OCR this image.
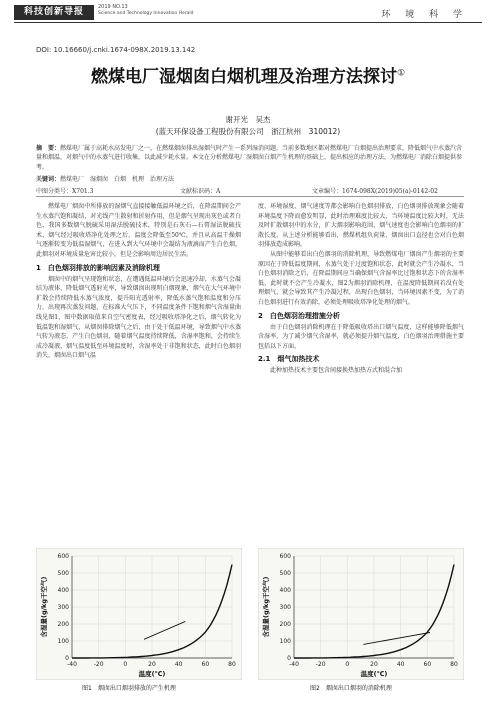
科技创新导报	2019 NO.13
Science and Technology Innovation Herald	环 境 科 学
DOI: 10.16660/j.cnki.1674-098X.2019.13.142
燃煤电厂湿烟囱白烟机理及治理方法探讨①
谢开光　吴杰
(蓝天环保设备工程股份有限公司　浙江杭州　310012)
摘　要：燃煤电厂属于高耗水高发电厂之一，在燃煤烟囱排出湿烟气时产生一系列湿消问题，当前多数地区都对燃煤电厂白烟提出治理要求，降低烟气中水蒸汽含量和烟温，对烟气中的水蒸气进行收集，以此减少耗水量。本文在分析燃煤电厂湿烟囱白烟产生机理的基础上，提出相应的治理方法，为燃煤电厂消除白烟提供参考。
关键词：燃煤电厂　湿烟囱　白烟　机理　治理方法
中图分类号：X701.3	文献标识码：A	文章编号：1674-098X(2019)05(a)-0142-02

燃煤电厂烟囱中所排放的湿烟气直接接触低温环境之后，在降温期间会产生水蒸汽饱和凝结，对光线产生散射和折射作用，但是烟气呈现出灰色或者白色，我国多数烟气脱硫采用湿法脱硫技术，特别是石灰石—石膏湿法脱硫技术，烟气经过吸收塔净化处理之后，温度会降低至50℃，并且从高温干燥烟气逐渐转变为低温湿烟气，在进入到大气环境中会凝结为液滴而产生白色烟，此烟羽对环境质量危害比较小，但是会影响周边居民生活。

1　白色烟羽排放的影响因素及消除机理

烟囱中的烟气呈现饱和状态，在遭遇低温环境后会迅速冷却，水蒸气会凝结为液体，降低烟气透射光率，导致烟囱出现明白烟现象，烟气在大气环境中扩散会持续降低水蒸气浓度，提升阳光透射率，降低水蒸气饱和温度和分压力，出现再次蒸发问题，在标准大气压下，不同温度条件下饱和烟气含湿量曲线见图1，图中数据取值来自空气密度表，经过吸收塔净化之后，烟气转化为低温饱和湿烟气，从烟囱排除烟气之后，由于处于低温环境，导致烟气中水蒸气转为液态，产生白色烟羽，随着烟气温度持续降低，含湿率饱和，会持续生成冷凝液，烟气温度低至环境温度时，含湿率处于非饱和状态，此时白色烟羽消失，烟囱出口烟气温

度、环境湿度、烟气速度等都会影响白色烟羽排放，白色烟羽排放现象会随着环境温度下降而愈发明显，此时治理难度比较大，当环境温度比较大时，无法及时扩散烟羽中的水分，扩大烟羽影响范围，烟气速度也会影响白色烟羽的扩散长度，从上述分析能够看出，燃煤机组负荷量、烟囱出口直径也会对白色烟羽排放造成影响。

从图中能够看出白色烟羽的消除机理，导致燃煤电厂烟囱产生烟羽的主要原因在于降低温度期间，水蒸气处于过度饱和状态，此时就会产生冷凝水，当白色烟羽消除之后，在降温期间应当确保烟气含湿率比过饱和状态下的含湿率低，此时就不会产生冷凝水，图2为烟羽消除机理，在温度降低期间若没有处理烟气，就会导致其产生冷凝过程，出现白色烟羽，当环境因素不变，为了消白色烟羽进行有效消除，必须处理吸收塔净化处理的烟气。

2　白色烟羽治理措施分析

由于白色烟羽消除机理在于降低吸收塔出口烟气温度，这样能够降低烟气含湿率，为了减少烟气含湿率，就必须提升烟气温度，白色烟羽治理措施主要包括以下方面。

2.1　烟气加热技术

此种加热技术主要包含间接换热加热方式和混合加

0
100
200
300
400
500
600
-40	-20	0	20	40	60	80
温度(℃)
含湿量(g/kg干空气)
0
100
200
300
400
500
600
-40	-20	0	20	40	60	80
温度(℃)
含湿量(g/kg干空气)
图1　烟囱出口烟羽排放的产生机理	图2　烟囱出口烟羽的消除机理
